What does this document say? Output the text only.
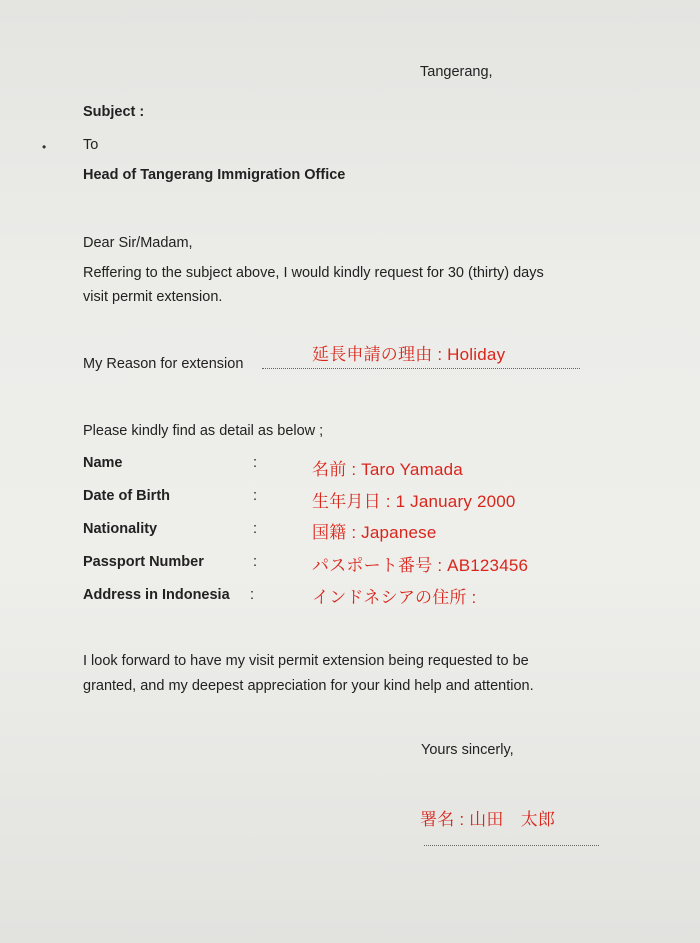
•
Tangerang,
Subject :
To
Head of Tangerang Immigration Office
Dear Sir/Madam,
Reffering to the subject above, I would kindly request for 30 (thirty) days
visit permit extension.
延長申請の理由 : Holiday
My Reason for extension
Please kindly find as detail as below ;
Name	:	名前 : Taro Yamada
Date of Birth	:	生年月日 : 1 January 2000
Nationality	:	国籍 : Japanese
Passport Number	:	パスポート番号 : AB123456
Address in Indonesia :	インドネシアの住所 :
I look forward to have my visit permit extension being requested to be
granted, and my deepest appreciation for your kind help and attention.
Yours sincerly,
署名 : 山田　太郎
